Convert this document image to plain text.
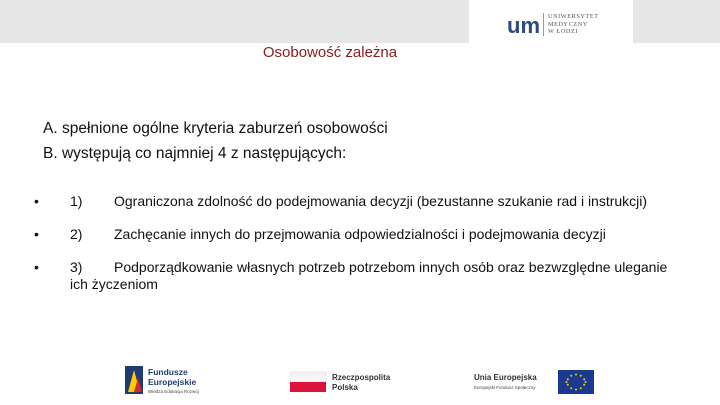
um UNIWERSYTET
MEDYCZNY
W ŁODZI
Osobowość zależna
A. spełnione ogólne kryteria zaburzeń osobowości
B. występują co najmniej 4 z następujących:
• 1) Ograniczona zdolność do podejmowania decyzji (bezustanne szukanie rad i instrukcji)
• 2) Zachęcanie innych do przejmowania odpowiedzialności i podejmowania decyzji
• 3) Podporządkowanie własnych potrzeb potrzebom innych osób oraz bezwzględne uleganie ich życzeniom
Fundusze
Europejskie
Wiedza Edukacja Rozwój
Rzeczpospolita
Polska
Unia Europejska
Europejski Fundusz Społeczny
